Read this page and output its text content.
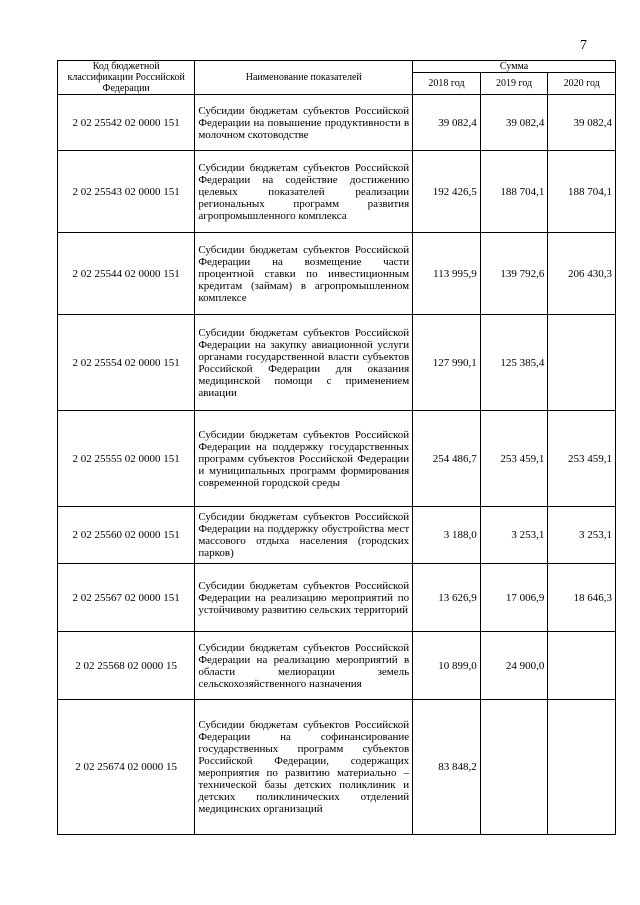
7
Код бюджетной классификации Российской Федерации	Наименование показателей	Сумма		
		2018 год	2019 год	2020 год
2 02 25542 02 0000 151	Субсидии бюджетам субъектов Российской Федерации на повышение продуктивности в молочном скотоводстве	39 082,4	39 082,4	39 082,4
2 02 25543 02 0000 151	Субсидии бюджетам субъектов Российской Федерации на содействие достижению целевых показателей реализации региональных программ развития агропромышленного комплекса	192 426,5	188 704,1	188 704,1
2 02 25544 02 0000 151	Субсидии бюджетам субъектов Российской Федерации на возмещение части процентной ставки по инвестиционным кредитам (займам) в агропромышленном комплексе	113 995,9	139 792,6	206 430,3
2 02 25554 02 0000 151	Субсидии бюджетам субъектов Российской Федерации на закупку авиационной услуги органами государственной власти субъектов Российской Федерации для оказания медицинской помощи с применением авиации	127 990,1	125 385,4	
2 02 25555 02 0000 151	Субсидии бюджетам субъектов Российской Федерации на поддержку государственных программ субъектов Российской Федерации и муниципальных программ формирования современной городской среды	254 486,7	253 459,1	253 459,1
2 02 25560 02 0000 151	Субсидии бюджетам субъектов Российской Федерации на поддержку обустройства мест массового отдыха населения (городских парков)	3 188,0	3 253,1	3 253,1
2 02 25567 02 0000 151	Субсидии бюджетам субъектов Российской Федерации на реализацию мероприятий по устойчивому развитию сельских территорий	13 626,9	17 006,9	18 646,3
2 02 25568 02 0000 15	Субсидии бюджетам субъектов Российской Федерации на реализацию мероприятий в области мелиорации земель сельскохозяйственного назначения	10 899,0	24 900,0	
2 02 25674 02 0000 15	Субсидии бюджетам субъектов Российской Федерации на софинансирование государственных программ субъектов Российской Федерации, содержащих мероприятия по развитию материально – технической базы детских поликлиник и детских поликлинических отделений медицинских организаций	83 848,2		
